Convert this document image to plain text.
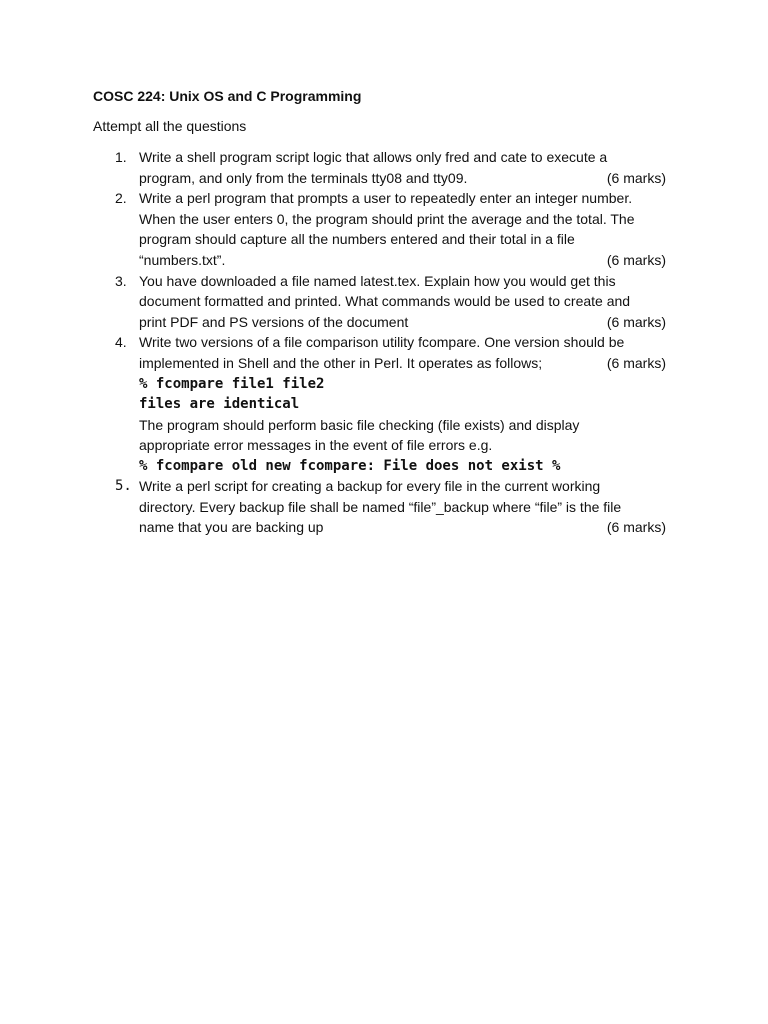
COSC 224: Unix OS and C Programming

Attempt all the questions

1. Write a shell program script logic that allows only fred and cate to execute a
program, and only from the terminals tty08 and tty09.	(6 marks)
2. Write a perl program that prompts a user to repeatedly enter an integer number.
When the user enters 0, the program should print the average and the total. The
program should capture all the numbers entered and their total in a file
“numbers.txt”.	(6 marks)
3. You have downloaded a file named latest.tex. Explain how you would get this
document formatted and printed. What commands would be used to create and
print PDF and PS versions of the document	(6 marks)
4. Write two versions of a file comparison utility fcompare. One version should be
implemented in Shell and the other in Perl. It operates as follows;	(6 marks)
% fcompare file1 file2
files are identical
The program should perform basic file checking (file exists) and display
appropriate error messages in the event of file errors e.g.
% fcompare old new fcompare: File does not exist %
5. Write a perl script for creating a backup for every file in the current working
directory. Every backup file shall be named “file”_backup where “file” is the file
name that you are backing up	(6 marks)
